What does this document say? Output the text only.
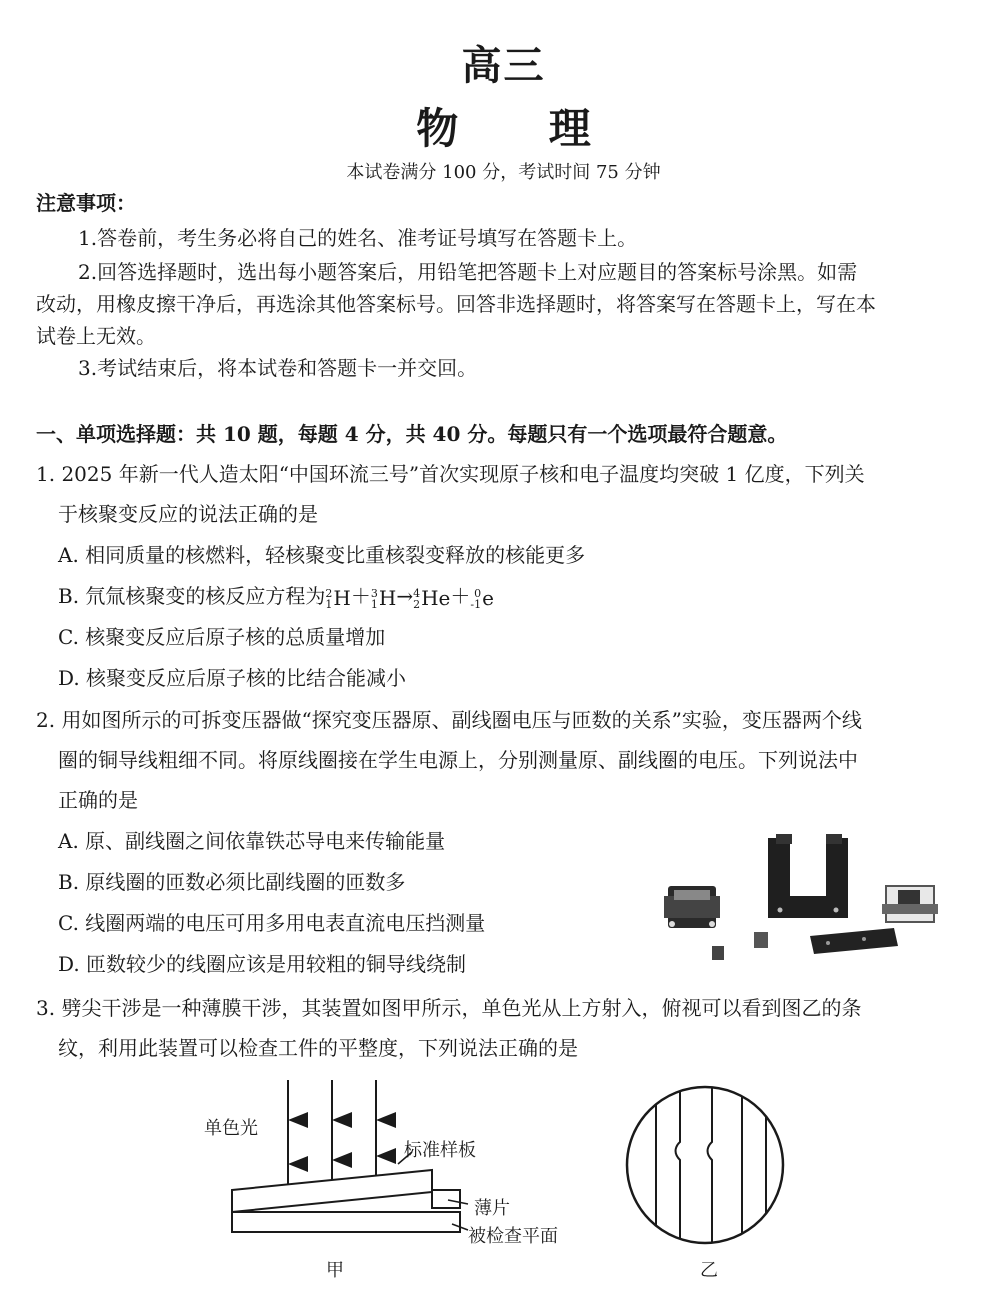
高三
物 理
本试卷满分 100 分，考试时间 75 分钟
注意事项：
1.答卷前，考生务必将自己的姓名、准考证号填写在答题卡上。
2.回答选择题时，选出每小题答案后，用铅笔把答题卡上对应题目的答案标号涂黑。如需
改动，用橡皮擦干净后，再选涂其他答案标号。回答非选择题时，将答案写在答题卡上，写在本
试卷上无效。
3.考试结束后，将本试卷和答题卡一并交回。
一、单项选择题：共 10 题，每题 4 分，共 40 分。每题只有一个选项最符合题意。
1. 2025 年新一代人造太阳“中国环流三号”首次实现原子核和电子温度均突破 1 亿度，下列关
于核聚变反应的说法正确的是
A. 相同质量的核燃料，轻核聚变比重核裂变释放的核能更多
B. 氘氚核聚变的核反应方程为 2
1 H＋ 3
1 H→ 4
2 He＋ 0
-1 e
C. 核聚变反应后原子核的总质量增加
D. 核聚变反应后原子核的比结合能减小
2. 用如图所示的可拆变压器做“探究变压器原、副线圈电压与匝数的关系”实验，变压器两个线
圈的铜导线粗细不同。将原线圈接在学生电源上，分别测量原、副线圈的电压。下列说法中
正确的是
A. 原、副线圈之间依靠铁芯导电来传输能量
B. 原线圈的匝数必须比副线圈的匝数多
C. 线圈两端的电压可用多用电表直流电压挡测量
D. 匝数较少的线圈应该是用较粗的铜导线绕制
3. 劈尖干涉是一种薄膜干涉，其装置如图甲所示，单色光从上方射入，俯视可以看到图乙的条
纹，利用此装置可以检查工件的平整度，下列说法正确的是
单色光
标准样板
薄片
被检查平面
甲	乙
